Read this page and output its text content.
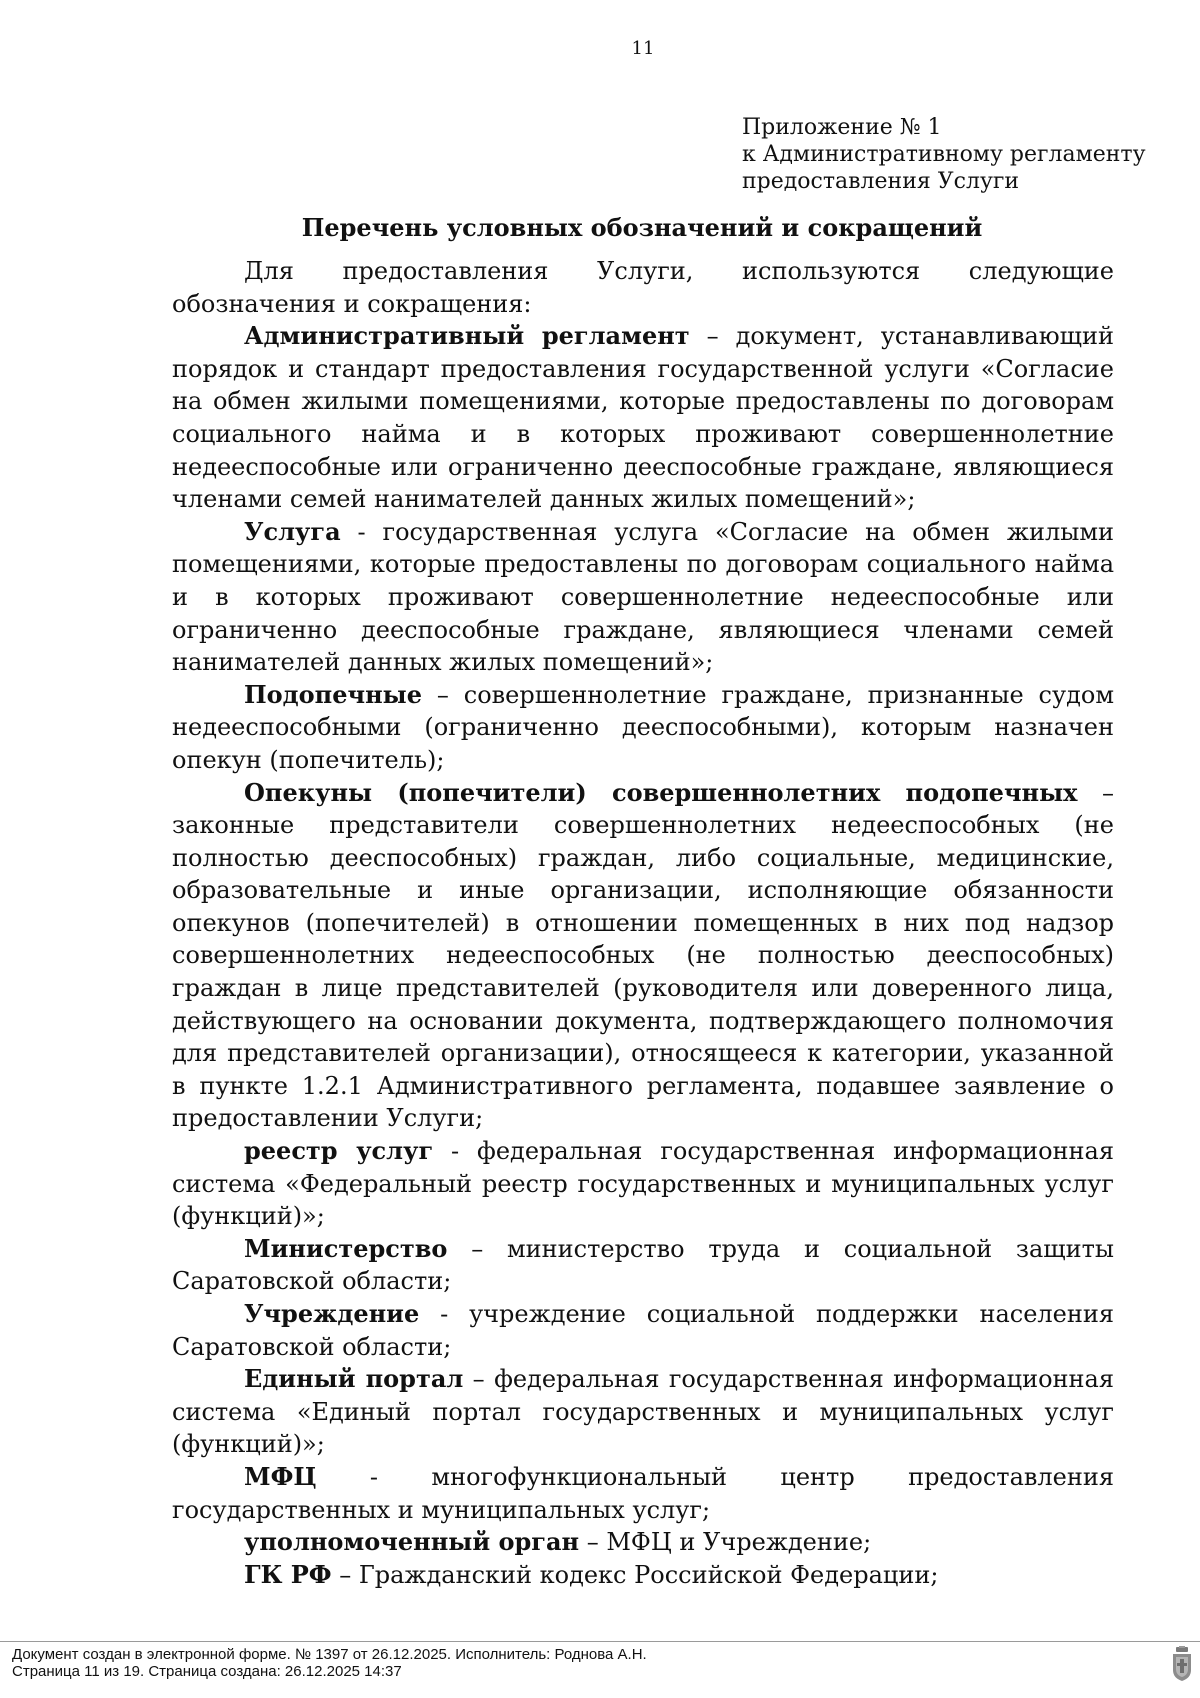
11
Приложение № 1
к Административному регламенту
предоставления Услуги
Перечень условных обозначений и сокращений

Для предоставления Услуги, используются следующие обозначения и сокращения:

Административный регламент – документ, устанавливающий порядок и стандарт предоставления государственной услуги «Согласие на обмен жилыми помещениями, которые предоставлены по договорам социального найма и в которых проживают совершеннолетние недееспособные или ограниченно дееспособные граждане, являющиеся членами семей нанимателей данных жилых помещений»;

Услуга - государственная услуга «Согласие на обмен жилыми помещениями, которые предоставлены по договорам социального найма и в которых проживают совершеннолетние недееспособные или ограниченно дееспособные граждане, являющиеся членами семей нанимателей данных жилых помещений»;

Подопечные – совершеннолетние граждане, признанные судом недееспособными (ограниченно дееспособными), которым назначен опекун (попечитель);

Опекуны (попечители) совершеннолетних подопечных – законные представители совершеннолетних недееспособных (не полностью дееспособных) граждан, либо социальные, медицинские, образовательные и иные организации, исполняющие обязанности опекунов (попечителей) в отношении помещенных в них под надзор совершеннолетних недееспособных (не полностью дееспособных) граждан в лице представителей (руководителя или доверенного лица, действующего на основании документа, подтверждающего полномочия для представителей организации), относящееся к категории, указанной в пункте 1.2.1 Административного регламента, подавшее заявление о предоставлении Услуги;

реестр услуг - федеральная государственная информационная система «Федеральный реестр государственных и муниципальных услуг (функций)»;

Министерство – министерство труда и социальной защиты Саратовской области;

Учреждение - учреждение социальной поддержки населения Саратовской области;

Единый портал – федеральная государственная информационная система «Единый портал государственных и муниципальных услуг (функций)»;

МФЦ - многофункциональный центр предоставления государственных и муниципальных услуг;

уполномоченный орган – МФЦ и Учреждение;

ГК РФ – Гражданский кодекс Российской Федерации;

Документ создан в электронной форме. № 1397 от 26.12.2025. Исполнитель: Роднова А.Н.
Страница 11 из 19. Страница создана: 26.12.2025 14:37
